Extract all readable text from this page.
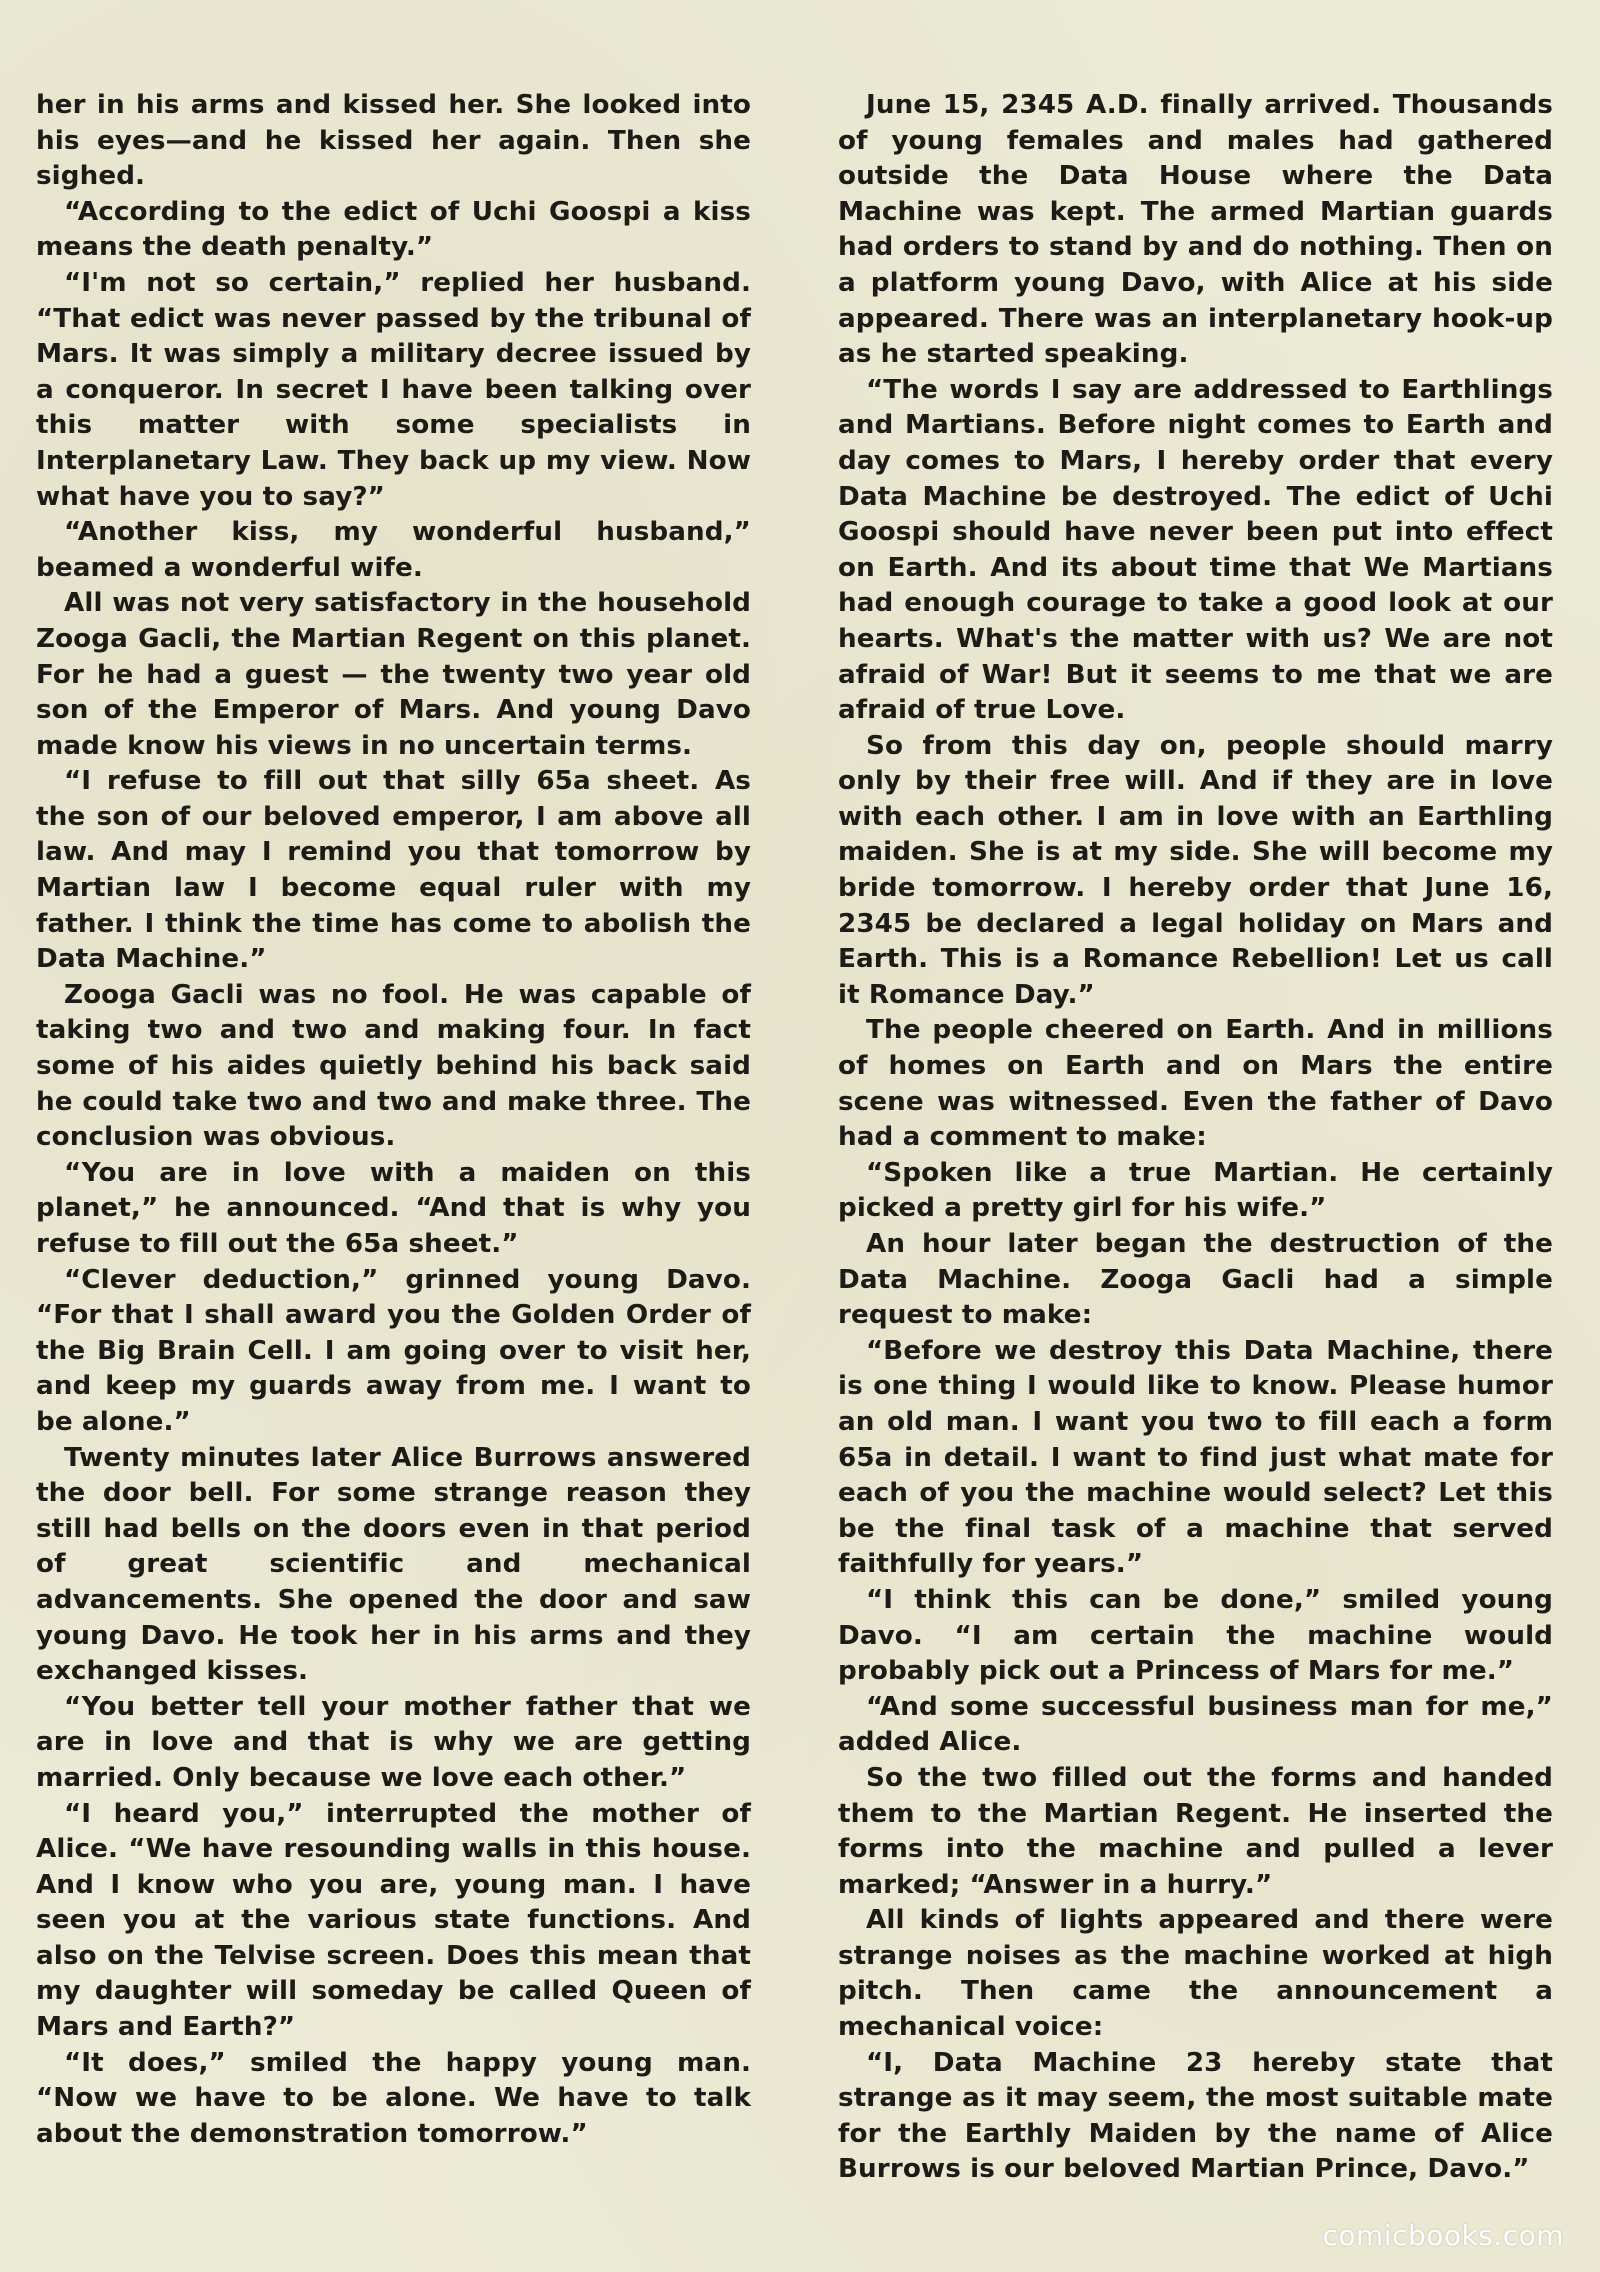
her in his arms and kissed her. She looked into his eyes—and he kissed her again. Then she sighed.

“According to the edict of Uchi Goospi a kiss means the death penalty.”

“I'm not so certain,” replied her husband. “That edict was never passed by the tribunal of Mars. It was simply a military decree issued by a conqueror. In secret I have been talking over this matter with some specialists in Interplanetary Law. They back up my view. Now what have you to say?”

“Another kiss, my wonderful husband,” beamed a wonderful wife.

All was not very satisfactory in the household Zooga Gacli, the Martian Regent on this planet. For he had a guest — the twenty two year old son of the Emperor of Mars. And young Davo made know his views in no uncertain terms.

“I refuse to fill out that silly 65a sheet. As the son of our beloved emperor, I am above all law. And may I remind you that tomorrow by Martian law I become equal ruler with my father. I think the time has come to abolish the Data Machine.”

Zooga Gacli was no fool. He was capable of taking two and two and making four. In fact some of his aides quietly behind his back said he could take two and two and make three. The conclusion was obvious.

“You are in love with a maiden on this planet,” he announced. “And that is why you refuse to fill out the 65a sheet.”

“Clever deduction,” grinned young Davo. “For that I shall award you the Golden Order of the Big Brain Cell. I am going over to visit her, and keep my guards away from me. I want to be alone.”

Twenty minutes later Alice Burrows answered the door bell. For some strange reason they still had bells on the doors even in that period of great scientific and mechanical advancements. She opened the door and saw young Davo. He took her in his arms and they exchanged kisses.

“You better tell your mother father that we are in love and that is why we are getting married. Only because we love each other.”

“I heard you,” interrupted the mother of Alice. “We have resounding walls in this house. And I know who you are, young man. I have seen you at the various state functions. And also on the Telvise screen. Does this mean that my daughter will someday be called Queen of Mars and Earth?”

“It does,” smiled the happy young man. “Now we have to be alone. We have to talk about the demonstration tomorrow.”

June 15, 2345 A.D. finally arrived. Thousands of young females and males had gathered outside the Data House where the Data Machine was kept. The armed Martian guards had orders to stand by and do nothing. Then on a platform young Davo, with Alice at his side appeared. There was an interplanetary hook-up as he started speaking.

“The words I say are addressed to Earthlings and Martians. Before night comes to Earth and day comes to Mars, I hereby order that every Data Machine be destroyed. The edict of Uchi Goospi should have never been put into effect on Earth. And its about time that We Martians had enough courage to take a good look at our hearts. What's the matter with us? We are not afraid of War! But it seems to me that we are afraid of true Love.

So from this day on, people should marry only by their free will. And if they are in love with each other. I am in love with an Earthling maiden. She is at my side. She will become my bride tomorrow. I hereby order that June 16, 2345 be declared a legal holiday on Mars and Earth. This is a Romance Rebellion! Let us call it Romance Day.”

The people cheered on Earth. And in millions of homes on Earth and on Mars the entire scene was witnessed. Even the father of Davo had a comment to make:

“Spoken like a true Martian. He certainly picked a pretty girl for his wife.”

An hour later began the destruction of the Data Machine. Zooga Gacli had a simple request to make:

“Before we destroy this Data Machine, there is one thing I would like to know. Please humor an old man. I want you two to fill each a form 65a in detail. I want to find just what mate for each of you the machine would select? Let this be the final task of a machine that served faithfully for years.”

“I think this can be done,” smiled young Davo. “I am certain the machine would probably pick out a Princess of Mars for me.”

“And some successful business man for me,” added Alice.

So the two filled out the forms and handed them to the Martian Regent. He inserted the forms into the machine and pulled a lever marked; “Answer in a hurry.”

All kinds of lights appeared and there were strange noises as the machine worked at high pitch. Then came the announcement a mechanical voice:

“I, Data Machine 23 hereby state that strange as it may seem, the most suitable mate for the Earthly Maiden by the name of Alice Burrows is our beloved Martian Prince, Davo.”

comicbooks.com
